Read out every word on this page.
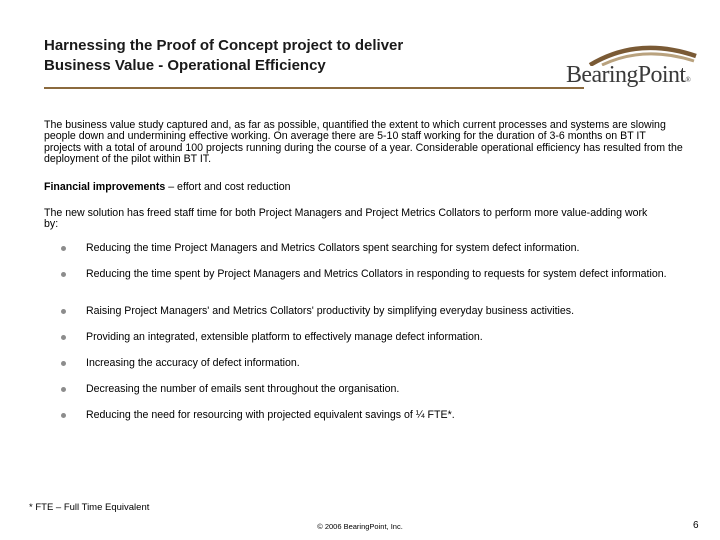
Harnessing the Proof of Concept project to deliver
Business Value - Operational Efficiency	BearingPoint®
The business value study captured and, as far as possible, quantified the extent to which current processes and systems are slowing people down and undermining effective working. On average there are 5-10 staff working for the duration of 3-6 months on BT IT projects with a total of around 100 projects running during the course of a year. Considerable operational efficiency has resulted from the deployment of the pilot within BT IT.
Financial improvements – effort and cost reduction
The new solution has freed staff time for both Project Managers and Project Metrics Collators to perform more value-adding work by:
Reducing the time Project Managers and Metrics Collators spent searching for system defect information.
Reducing the time spent by Project Managers and Metrics Collators in responding to requests for system defect information.
Raising Project Managers' and Metrics Collators' productivity by simplifying everyday business activities.
Providing an integrated, extensible platform to effectively manage defect information.
Increasing the accuracy of defect information.
Decreasing the number of emails sent throughout the organisation.
Reducing the need for resourcing with projected equivalent savings of ¼ FTE*.
* FTE – Full Time Equivalent
© 2006 BearingPoint, Inc.	6
